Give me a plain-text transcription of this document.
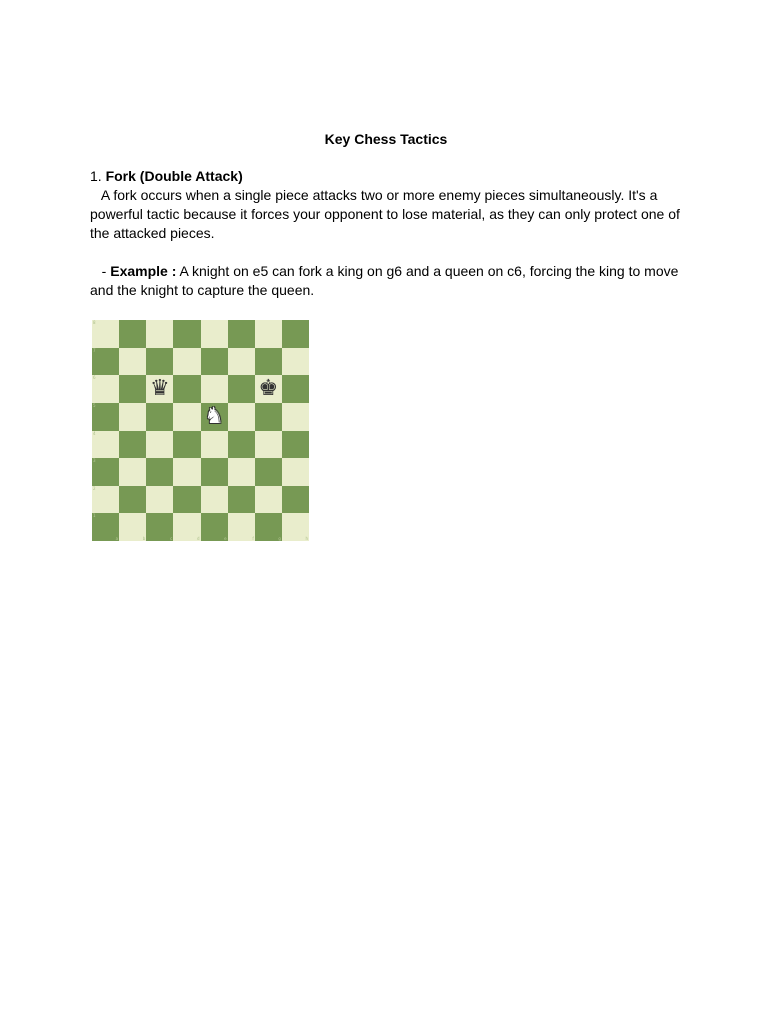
Key Chess Tactics

1. Fork (Double Attack)

A fork occurs when a single piece attacks two or more enemy pieces simultaneously. It's a
powerful tactic because it forces your opponent to lose material, as they can only protect one of
the attacked pieces.

- Example : A knight on e5 can fork a king on g6 and a queen on c6, forcing the king to move
and the knight to capture the queen.

8
7
6 ♛	♚
5	♞
4
3
2
1
a	b	c	d	e	f	g	h
